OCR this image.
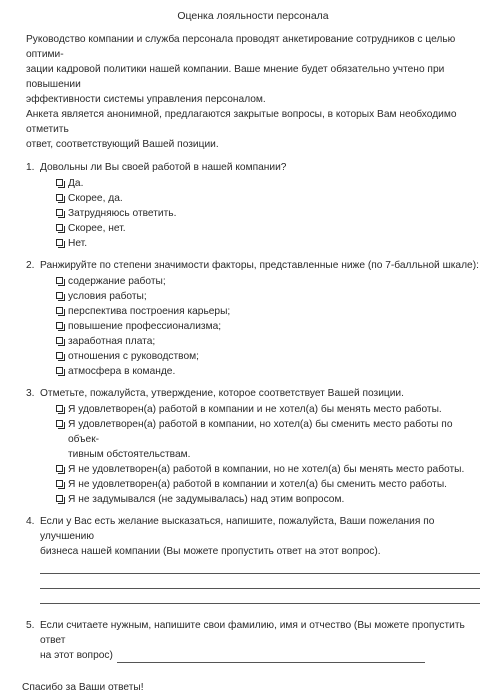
Оценка лояльности персонала

Руководство компании и служба персонала проводят анкетирование сотрудников с целью оптими-

зации кадровой политики нашей компании. Ваше мнение будет обязательно учтено при повышении

эффективности системы управления персоналом.

Анкета является анонимной, предлагаются закрытые вопросы, в которых Вам необходимо отметить

ответ, соответствующий Вашей позиции.

1. Довольны ли Вы своей работой в нашей компании?
Да.
Скорее, да.
Затрудняюсь ответить.
Скорее, нет.
Нет.
2. Ранжируйте по степени значимости факторы, представленные ниже (по 7-балльной шкале):
содержание работы;
условия работы;
перспектива построения карьеры;
повышение профессионализма;
заработная плата;
отношения с руководством;
атмосфера в команде.
3. Отметьте, пожалуйста, утверждение, которое соответствует Вашей позиции.
Я удовлетворен(а) работой в компании и не хотел(а) бы менять место работы.
Я удовлетворен(а) работой в компании, но хотел(а) бы сменить место работы по объек-
тивным обстоятельствам.
Я не удовлетворен(а) работой в компании, но не хотел(а) бы менять место работы.
Я не удовлетворен(а) работой в компании и хотел(а) бы сменить место работы.
Я не задумывался (не задумывалась) над этим вопросом.
4. Если у Вас есть желание высказаться, напишите, пожалуйста, Ваши пожелания по улучшению
бизнеса нашей компании (Вы можете пропустить ответ на этот вопрос).
5. Если считаете нужным, напишите свои фамилию, имя и отчество (Вы можете пропустить ответ
на этот вопрос)
Спасибо за Ваши ответы!
